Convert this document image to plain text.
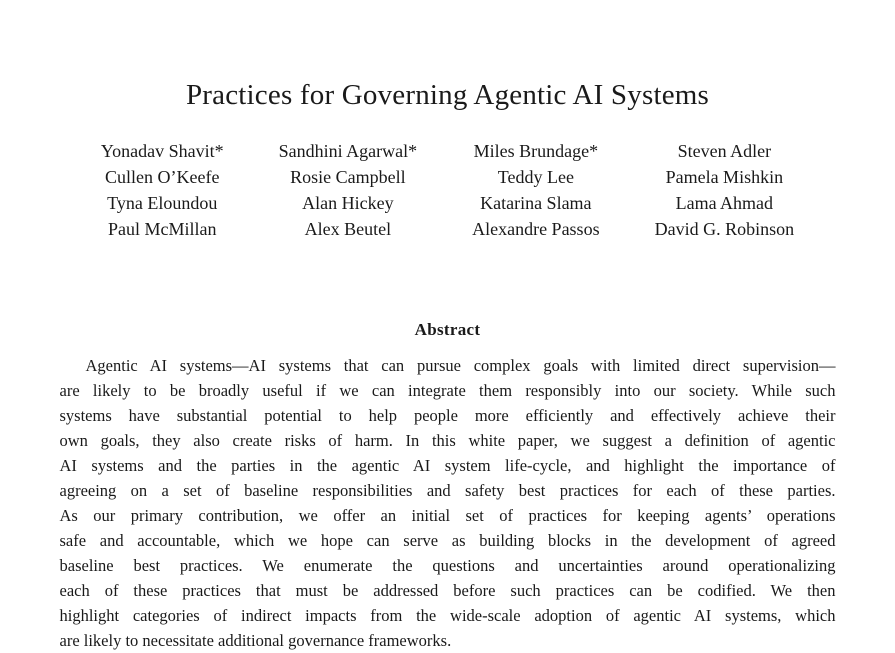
Practices for Governing Agentic AI Systems
Yonadav Shavit*	Sandhini Agarwal*	Miles Brundage*	Steven Adler
Cullen O’Keefe	Rosie Campbell	Teddy Lee	Pamela Mishkin
Tyna Eloundou	Alan Hickey	Katarina Slama	Lama Ahmad
Paul McMillan	Alex Beutel	Alexandre Passos	David G. Robinson
Abstract
Agentic AI systems—AI systems that can pursue complex goals with limited direct supervision—
are likely to be broadly useful if we can integrate them responsibly into our society. While such
systems have substantial potential to help people more efficiently and effectively achieve their
own goals, they also create risks of harm. In this white paper, we suggest a definition of agentic
AI systems and the parties in the agentic AI system life-cycle, and highlight the importance of
agreeing on a set of baseline responsibilities and safety best practices for each of these parties.
As our primary contribution, we offer an initial set of practices for keeping agents’ operations
safe and accountable, which we hope can serve as building blocks in the development of agreed
baseline best practices. We enumerate the questions and uncertainties around operationalizing
each of these practices that must be addressed before such practices can be codified. We then
highlight categories of indirect impacts from the wide-scale adoption of agentic AI systems, which
are likely to necessitate additional governance frameworks.
